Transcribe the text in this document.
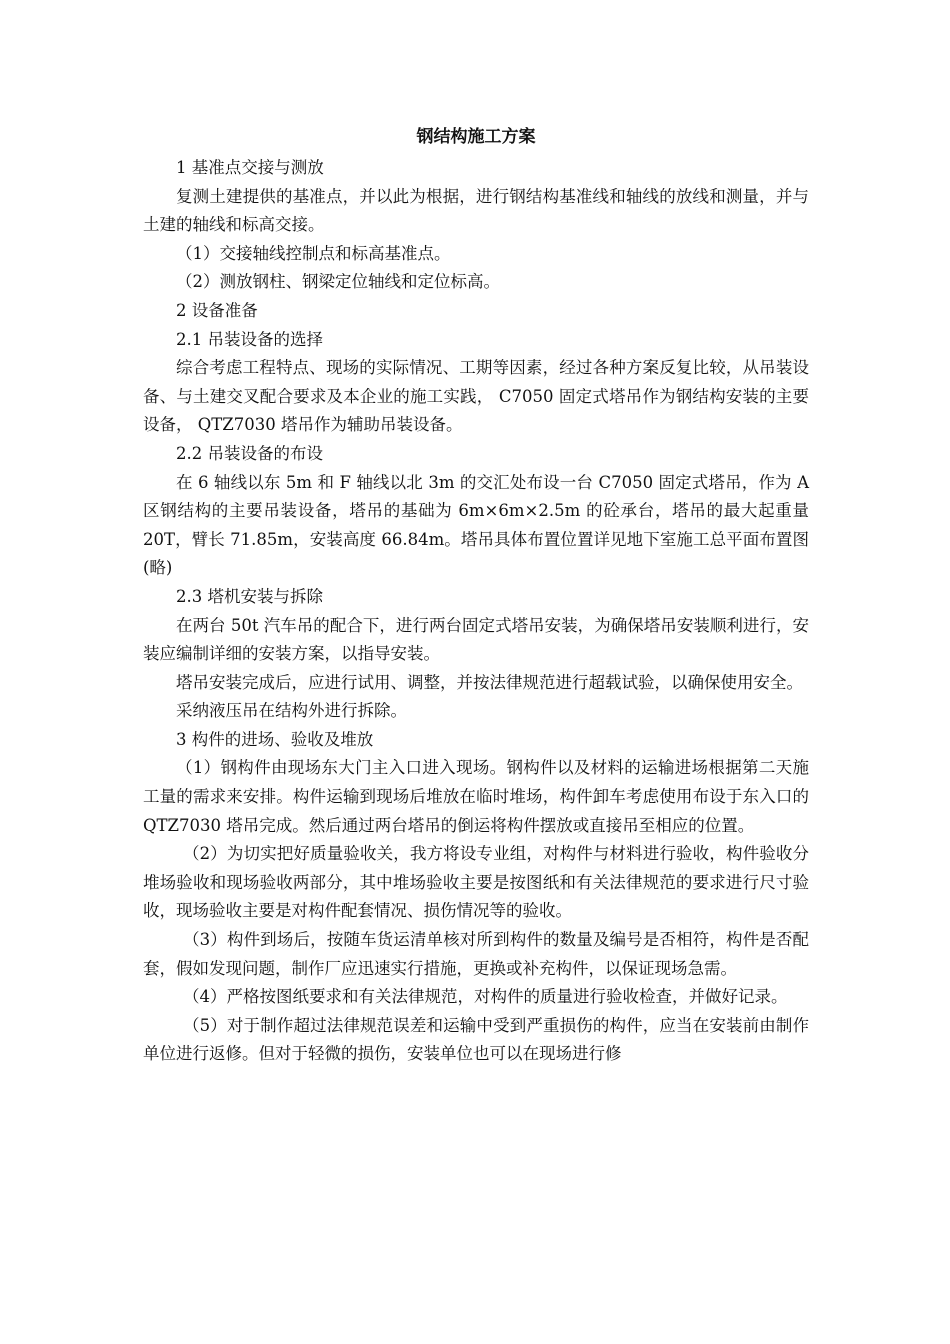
钢结构施工方案

1 基准点交接与测放

复测土建提供的基准点，并以此为根据，进行钢结构基准线和轴线的放线和测量，并与土建的轴线和标高交接。

（1）交接轴线控制点和标高基准点。

（2）测放钢柱、钢梁定位轴线和定位标高。

2 设备准备

2.1 吊装设备的选择

综合考虑工程特点、现场的实际情况、工期等因素，经过各种方案反复比较，从吊装设备、与土建交叉配合要求及本企业的施工实践， C7050 固定式塔吊作为钢结构安装的主要设备， QTZ7030 塔吊作为辅助吊装设备。

2.2 吊装设备的布设

在 6 轴线以东 5m 和 F 轴线以北 3m 的交汇处布设一台 C7050 固定式塔吊，作为 A 区钢结构的主要吊装设备，塔吊的基础为 6m×6m×2.5m 的砼承台，塔吊的最大起重量 20T，臂长 71.85m，安装高度 66.84m。塔吊具体布置位置详见地下室施工总平面布置图(略)

2.3 塔机安装与拆除

在两台 50t 汽车吊的配合下，进行两台固定式塔吊安装，为确保塔吊安装顺利进行，安装应编制详细的安装方案，以指导安装。

塔吊安装完成后，应进行试用、调整，并按法律规范进行超载试验，以确保使用安全。

采纳液压吊在结构外进行拆除。

3 构件的进场、验收及堆放

（1）钢构件由现场东大门主入口进入现场。钢构件以及材料的运输进场根据第二天施工量的需求来安排。构件运输到现场后堆放在临时堆场，构件卸车考虑使用布设于东入口的 QTZ7030 塔吊完成。然后通过两台塔吊的倒运将构件摆放或直接吊至相应的位置。

（2）为切实把好质量验收关，我方将设专业组，对构件与材料进行验收，构件验收分堆场验收和现场验收两部分，其中堆场验收主要是按图纸和有关法律规范的要求进行尺寸验收，现场验收主要是对构件配套情况、损伤情况等的验收。

（3）构件到场后，按随车货运清单核对所到构件的数量及编号是否相符，构件是否配套，假如发现问题，制作厂应迅速实行措施，更换或补充构件，以保证现场急需。

（4）严格按图纸要求和有关法律规范，对构件的质量进行验收检查，并做好记录。

（5）对于制作超过法律规范误差和运输中受到严重损伤的构件，应当在安装前由制作单位进行返修。但对于轻微的损伤，安装单位也可以在现场进行修
